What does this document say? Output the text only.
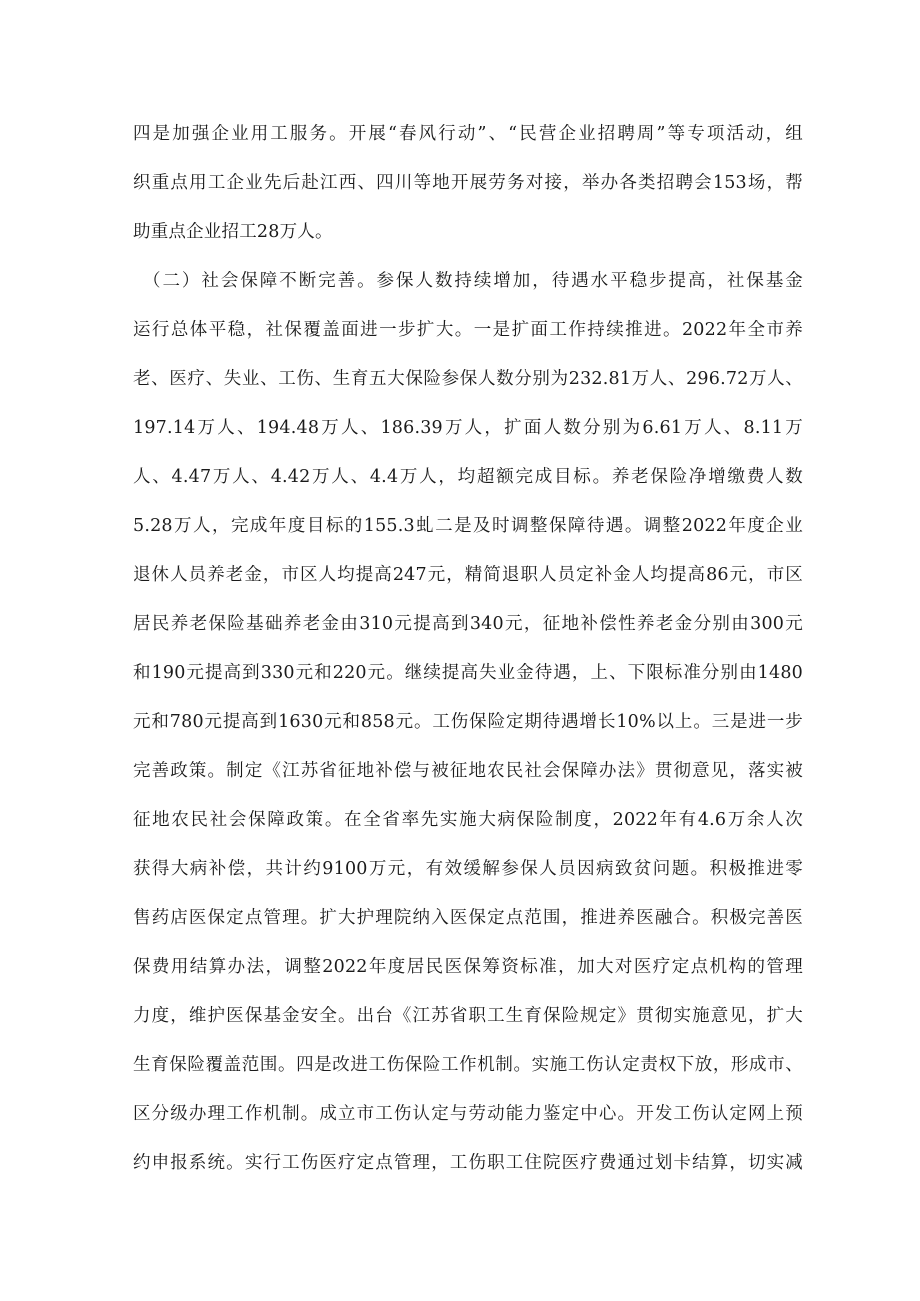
四是加强企业用工服务。开展“春风行动”、“民营企业招聘周”等专项活动，组
织重点用工企业先后赴江西、四川等地开展劳务对接，举办各类招聘会153场，帮
助重点企业招工28万人。
（二）社会保障不断完善。参保人数持续增加，待遇水平稳步提高，社保基金
运行总体平稳，社保覆盖面进一步扩大。一是扩面工作持续推进。2022年全市养
老、医疗、失业、工伤、生育五大保险参保人数分别为232.81万人、296.72万人、
197.14万人、194.48万人、186.39万人，扩面人数分别为6.61万人、8.11万
人、4.47万人、4.42万人、4.4万人，均超额完成目标。养老保险净增缴费人数
5.28万人，完成年度目标的155.3虬二是及时调整保障待遇。调整2022年度企业
退休人员养老金，市区人均提高247元，精简退职人员定补金人均提高86元，市区
居民养老保险基础养老金由310元提高到340元，征地补偿性养老金分别由300元
和190元提高到330元和220元。继续提高失业金待遇，上、下限标准分别由1480
元和780元提高到1630元和858元。工伤保险定期待遇增长10%以上。三是进一步
完善政策。制定《江苏省征地补偿与被征地农民社会保障办法》贯彻意见，落实被
征地农民社会保障政策。在全省率先实施大病保险制度，2022年有4.6万余人次
获得大病补偿，共计约9100万元，有效缓解参保人员因病致贫问题。积极推进零
售药店医保定点管理。扩大护理院纳入医保定点范围，推进养医融合。积极完善医
保费用结算办法，调整2022年度居民医保筹资标准，加大对医疗定点机构的管理
力度，维护医保基金安全。出台《江苏省职工生育保险规定》贯彻实施意见，扩大
生育保险覆盖范围。四是改进工伤保险工作机制。实施工伤认定责权下放，形成市、
区分级办理工作机制。成立市工伤认定与劳动能力鉴定中心。开发工伤认定网上预
约申报系统。实行工伤医疗定点管理，工伤职工住院医疗费通过划卡结算，切实减
